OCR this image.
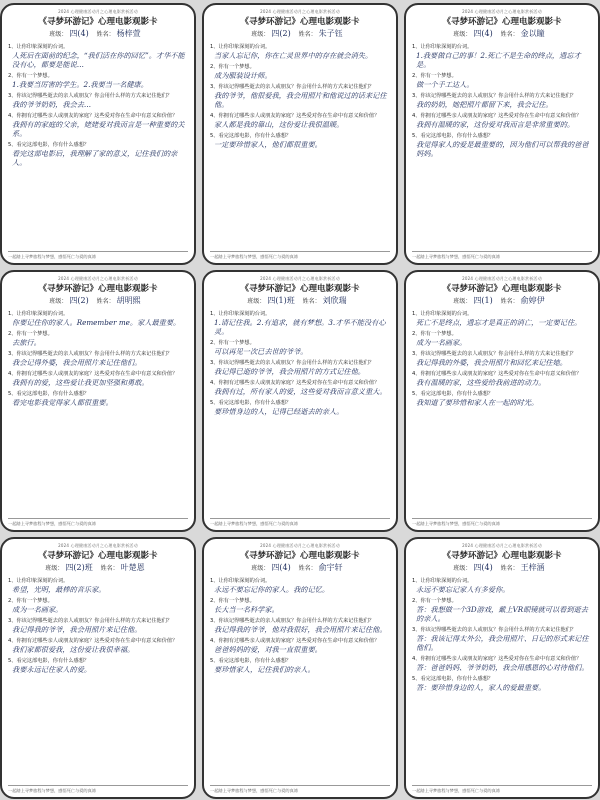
2024 心理健康活动月之心理电影赏析活动
《寻梦环游记》心理电影观影卡
班级： 四(4) 姓名： 杨梓萱
1、让你印象深刻的台词。
人死后在面前的纪念，“我们活在你的回忆”。才华不能没有心，都要是能说…
2、你有一个梦想。
1.我要当厉害的学生。2.我要当一名健康。
3、你该记得哪些逝去的亲人或朋友？你会用什么样的方式来记住他们？
我的爷爷奶奶，我会去…
4、你拥有过哪些亲人或朋友的家庭？这些爱对你在生命中有意义和价值？
我拥有的家庭的父亲，姥姥爱对我而言是一种重要的关系。
5、看完这部电影，你有什么感想？
看完这部电影后，我理解了家的意义，记住我们的亲人。
一起踏上寻梦旅程与梦想，感悟死亡与爱的真谛
2024 心理健康活动月之心理电影赏析活动
《寻梦环游记》心理电影观影卡
班级： 四(2) 姓名： 朱子钰
1、让你印象深刻的台词。
当家人忘记你，你在亡灵世界中的存在就会消失。
2、你有一个梦想。
成为服装设计师。
3、你该记得哪些逝去的亲人或朋友？你会用什么样的方式来记住他们？
我的爷爷，他很爱我，我会用照片和他说过的话来记住他。
4、你拥有过哪些亲人或朋友的家庭？这些爱对你在生命中有意义和价值？
家人都是我的靠山，这份爱让我很温暖。
5、看完这部电影，你有什么感想？
一定要珍惜家人，他们都很重要。
一起踏上寻梦旅程与梦想，感悟死亡与爱的真谛
2024 心理健康活动月之心理电影赏析活动
《寻梦环游记》心理电影观影卡
班级： 四(4) 姓名： 金以瞳
1、让你印象深刻的台词。
1.我要做自己的事！2.死亡不是生命的终点，遗忘才是。
2、你有一个梦想。
做一个手工达人。
3、你该记得哪些逝去的亲人或朋友？你会用什么样的方式来记住他们？
我的奶奶，她把照片都留下来，我会记住。
4、你拥有过哪些亲人或朋友的家庭？这些爱对你在生命中有意义和价值？
我拥有温暖的家，这份爱对我而言是非常重要的。
5、看完这部电影，你有什么感想？
我觉得家人的爱是最重要的，因为他们可以帮我的爸爸妈妈。
一起踏上寻梦旅程与梦想，感悟死亡与爱的真谛
2024 心理健康活动月之心理电影赏析活动
《寻梦环游记》心理电影观影卡
班级： 四(2) 姓名： 胡明熙
1、让你印象深刻的台词。
你要记住你的家人。Remember me。家人最重要。
2、你有一个梦想。
去旅行。
3、你该记得哪些逝去的亲人或朋友？你会用什么样的方式来记住他们？
我会记得外婆，我会用照片来记住他们。
4、你拥有过哪些亲人或朋友的家庭？这些爱对你在生命中有意义和价值？
我拥有的爱，这些爱让我更加坚强和勇敢。
5、看完这部电影，你有什么感想？
看完电影我觉得家人都很重要。
一起踏上寻梦旅程与梦想，感悟死亡与爱的真谛
2024 心理健康活动月之心理电影赏析活动
《寻梦环游记》心理电影观影卡
班级： 四(1)班 姓名： 刘欣瑞
1、让你印象深刻的台词。
1.请记住我。2.有追求，就有梦想。3.才华不能没有心灵。
2、你有一个梦想。
可以再见一次已去世的爷爷。
3、你该记得哪些逝去的亲人或朋友？你会用什么样的方式来记住他们？
我记得已逝的爷爷，我会用照片的方式记住他。
4、你拥有过哪些亲人或朋友的家庭？这些爱对你在生命中有意义和价值？
我拥有过，所有家人的爱，这些爱对我而言意义重大。
5、看完这部电影，你有什么感想？
要珍惜身边的人，记得已经逝去的亲人。
一起踏上寻梦旅程与梦想，感悟死亡与爱的真谛
2024 心理健康活动月之心理电影赏析活动
《寻梦环游记》心理电影观影卡
班级： 四(1) 姓名： 俞婷伊
1、让你印象深刻的台词。
死亡不是终点，遗忘才是真正的消亡，一定要记住。
2、你有一个梦想。
成为一名画家。
3、你该记得哪些逝去的亲人或朋友？你会用什么样的方式来记住他们？
我记得我的外婆，我会用照片和回忆来记住她。
4、你拥有过哪些亲人或朋友的家庭？这些爱对你在生命中有意义和价值？
我有温暖的家，这些爱给我前进的动力。
5、看完这部电影，你有什么感想？
我知道了要珍惜和家人在一起的时光。
一起踏上寻梦旅程与梦想，感悟死亡与爱的真谛
2024 心理健康活动月之心理电影赏析活动
《寻梦环游记》心理电影观影卡
班级： 四(2)班 姓名： 叶楚恩
1、让你印象深刻的台词。
希望，光明，最棒的音乐家。
2、你有一个梦想。
成为一名画家。
3、你该记得哪些逝去的亲人或朋友？你会用什么样的方式来记住他们？
我记得我的爷爷，我会用照片来记住他。
4、你拥有过哪些亲人或朋友的家庭？这些爱对你在生命中有意义和价值？
我们家都很爱我，这份爱让我很幸福。
5、看完这部电影，你有什么感想？
我要永远记住家人的爱。
一起踏上寻梦旅程与梦想，感悟死亡与爱的真谛
2024 心理健康活动月之心理电影赏析活动
《寻梦环游记》心理电影观影卡
班级： 四(4) 姓名： 俞宇轩
1、让你印象深刻的台词。
永远不要忘记你的家人。我的记忆。
2、你有一个梦想。
长大当一名科学家。
3、你该记得哪些逝去的亲人或朋友？你会用什么样的方式来记住他们？
我记得我的爷爷，他对我很好，我会用照片来记住他。
4、你拥有过哪些亲人或朋友的家庭？这些爱对你在生命中有意义和价值？
爸爸妈妈的爱，对我一直很重要。
5、看完这部电影，你有什么感想？
要珍惜家人，记住我们的亲人。
一起踏上寻梦旅程与梦想，感悟死亡与爱的真谛
2024 心理健康活动月之心理电影赏析活动
《寻梦环游记》心理电影观影卡
班级： 四(4) 姓名： 王梓涵
1、让你印象深刻的台词。
永远不要忘记家人有多爱你。
2、你有一个梦想。
答：我想做一个3D游戏，戴上VR眼镜就可以看到逝去的亲人。
3、你该记得哪些逝去的亲人或朋友？你会用什么样的方式来记住他们？
答：我该记得太外公，我会用照片、日记的形式来记住他们。
4、你拥有过哪些亲人或朋友的家庭？这些爱对你在生命中有意义和价值？
答：爸爸妈妈、爷爷奶奶，我会用感恩的心对待他们。
5、看完这部电影，你有什么感想？
答：要珍惜身边的人，家人的爱最重要。
一起踏上寻梦旅程与梦想，感悟死亡与爱的真谛
